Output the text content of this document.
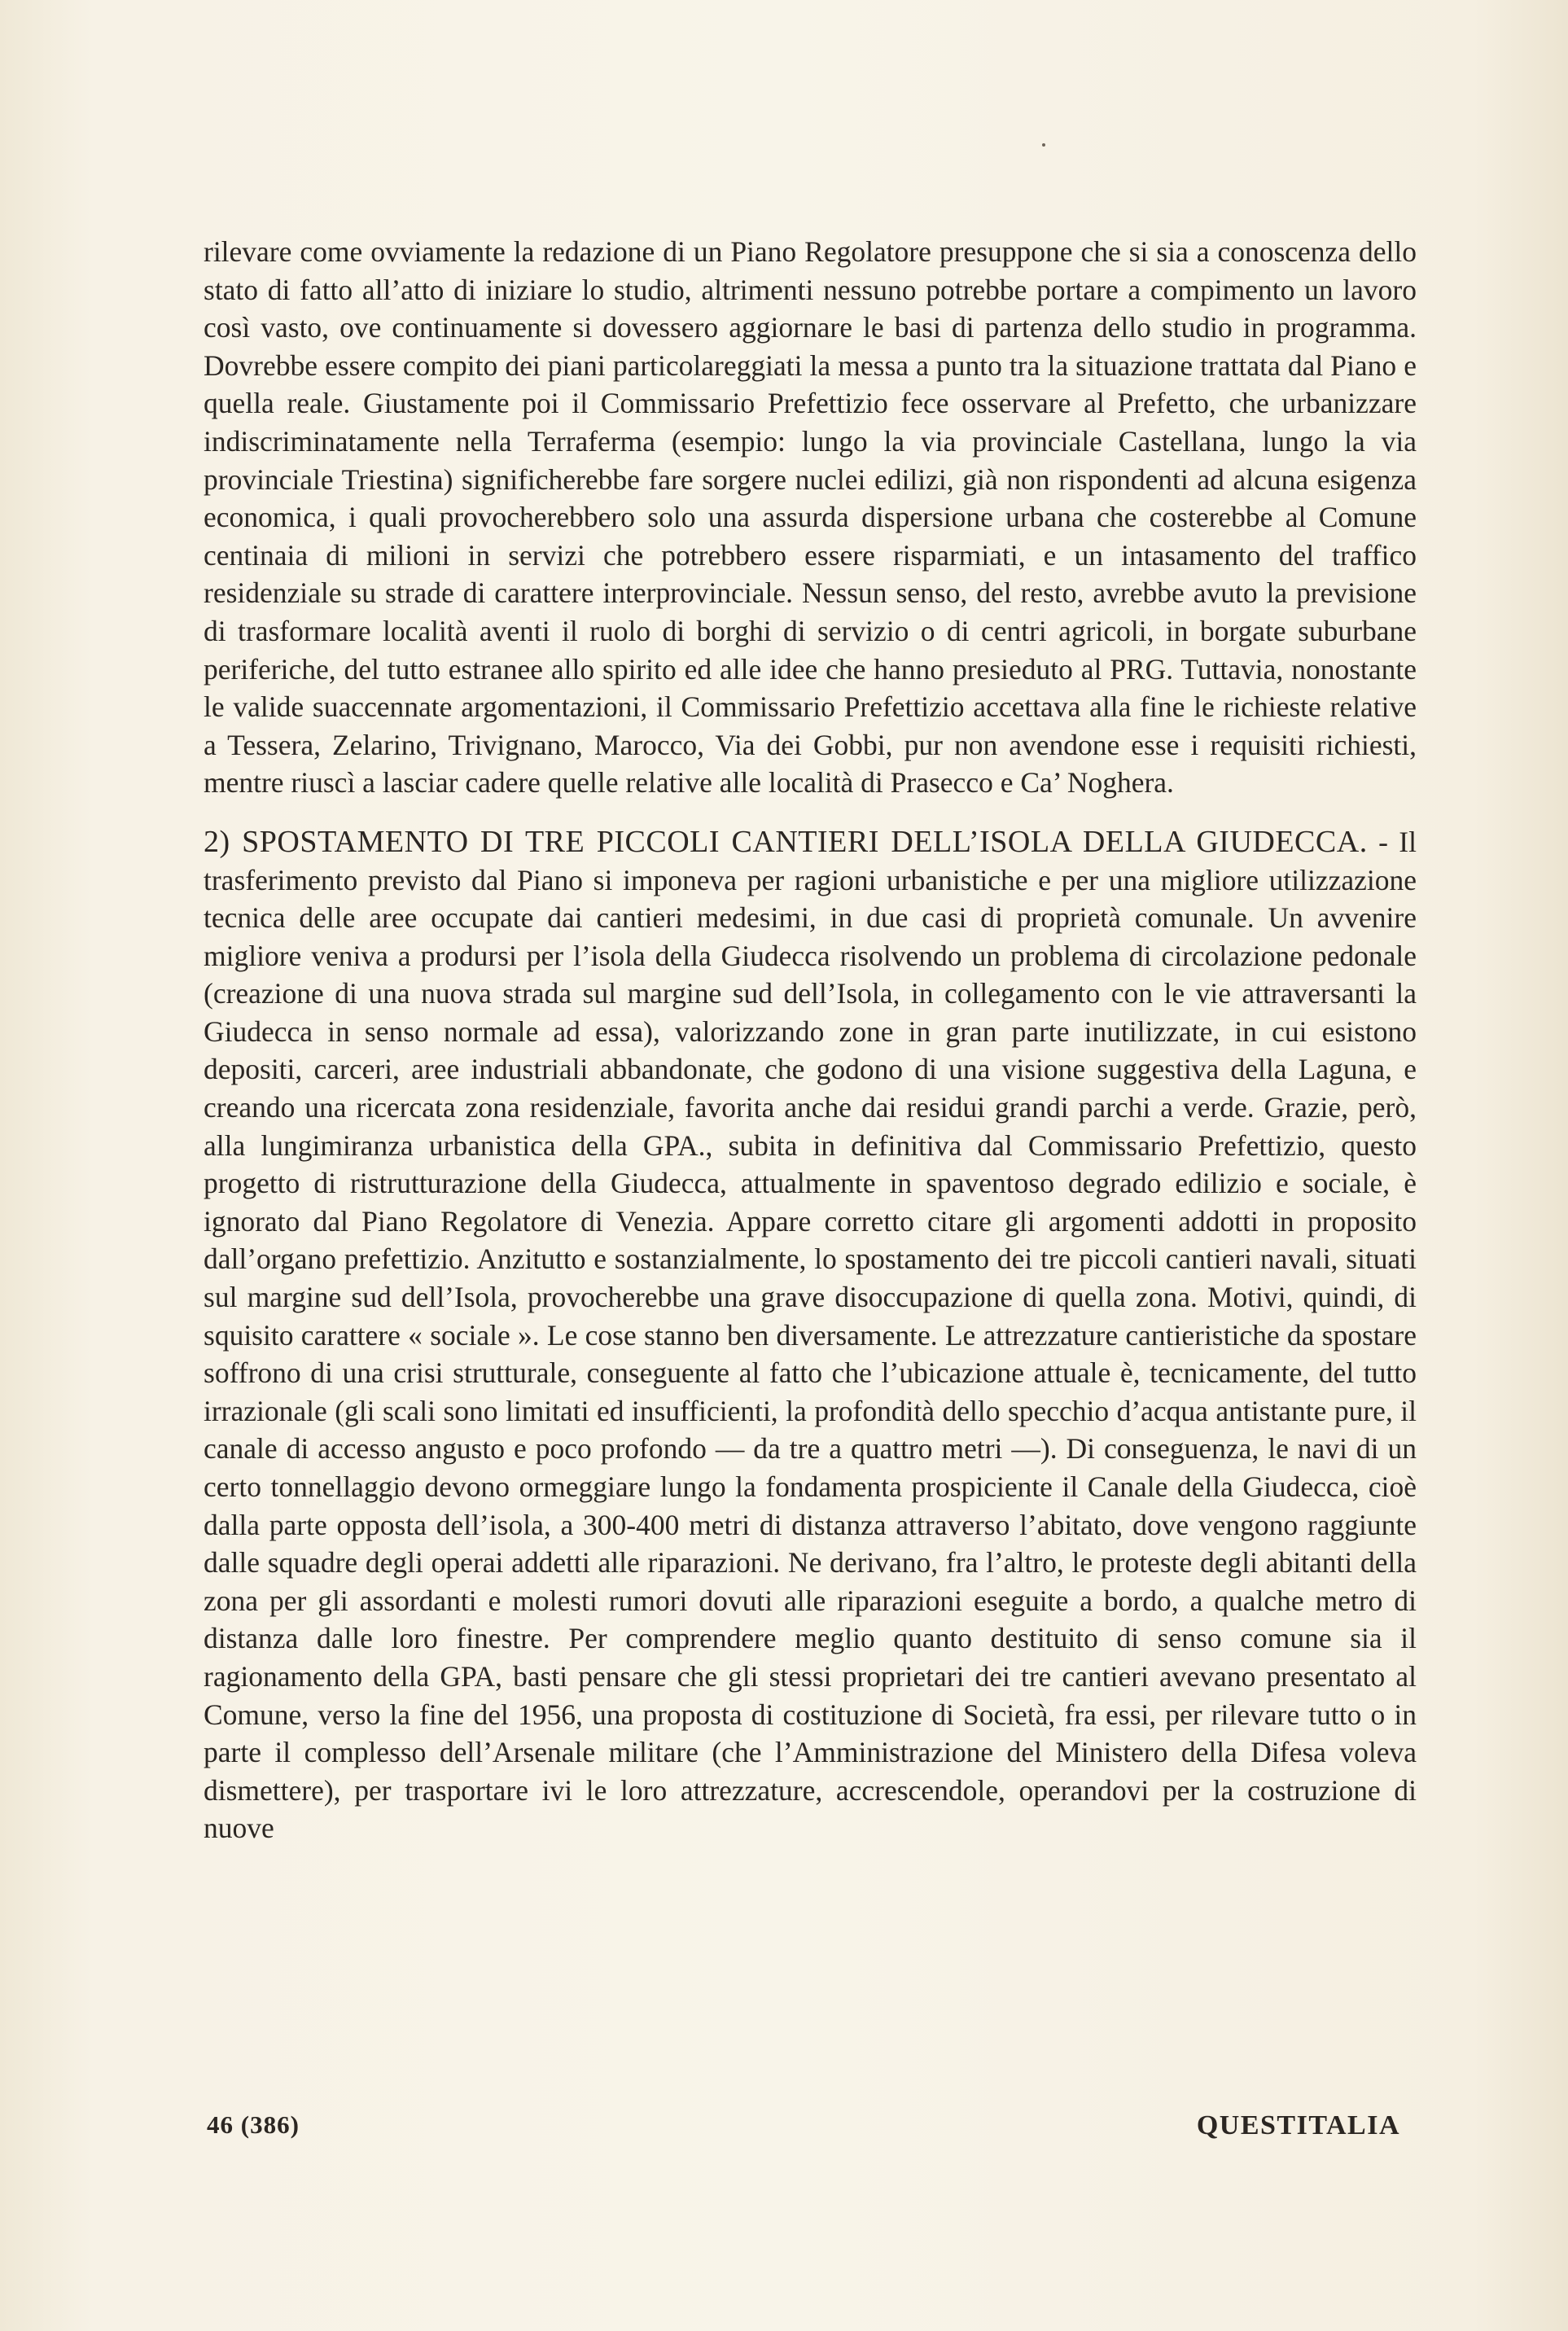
rilevare come ovviamente la redazione di un Piano Regolatore presuppone che si sia a conoscenza dello stato di fatto all’atto di iniziare lo studio, altrimenti nessuno potrebbe portare a compimento un lavoro così vasto, ove continuamente si dovessero aggiornare le basi di partenza dello studio in programma. Dovrebbe essere compito dei piani particolareggiati la messa a punto tra la situazione trattata dal Piano e quella reale. Giustamente poi il Commissario Prefettizio fece osservare al Prefetto, che urbanizzare indiscriminatamente nella Terraferma (esempio: lungo la via provinciale Castellana, lungo la via provinciale Triestina) significherebbe fare sorgere nuclei edilizi, già non rispondenti ad alcuna esigenza economica, i quali provocherebbero solo una assurda dispersione urbana che costerebbe al Comune centinaia di milioni in servizi che potrebbero essere risparmiati, e un intasamento del traffico residenziale su strade di carattere interprovinciale. Nessun senso, del resto, avrebbe avuto la previsione di trasformare località aventi il ruolo di borghi di servizio o di centri agricoli, in borgate suburbane periferiche, del tutto estranee allo spirito ed alle idee che hanno presieduto al PRG. Tuttavia, nonostante le valide suaccennate argomentazioni, il Commissario Prefettizio accettava alla fine le richieste relative a Tessera, Zelarino, Trivignano, Marocco, Via dei Gobbi, pur non avendone esse i requisiti richiesti, mentre riuscì a lasciar cadere quelle relative alle località di Prasecco e Ca’ Noghera.

2) SPOSTAMENTO DI TRE PICCOLI CANTIERI DELL’ISOLA DELLA GIUDECCA. - Il trasferimento previsto dal Piano si imponeva per ragioni urbanistiche e per una migliore utilizzazione tecnica delle aree occupate dai cantieri medesimi, in due casi di proprietà comunale. Un avvenire migliore veniva a prodursi per l’isola della Giudecca risolvendo un problema di circolazione pedonale (creazione di una nuova strada sul margine sud dell’Isola, in collegamento con le vie attraversanti la Giudecca in senso normale ad essa), valorizzando zone in gran parte inutilizzate, in cui esistono depositi, carceri, aree industriali abbandonate, che godono di una visione suggestiva della Laguna, e creando una ricercata zona residenziale, favorita anche dai residui grandi parchi a verde. Grazie, però, alla lungimiranza urbanistica della GPA., subita in definitiva dal Commissario Prefettizio, questo progetto di ristrutturazione della Giudecca, attualmente in spaventoso degrado edilizio e sociale, è ignorato dal Piano Regolatore di Venezia. Appare corretto citare gli argomenti addotti in proposito dall’organo prefettizio. Anzitutto e sostanzialmente, lo spostamento dei tre piccoli cantieri navali, situati sul margine sud dell’Isola, provocherebbe una grave disoccupazione di quella zona. Motivi, quindi, di squisito carattere « sociale ». Le cose stanno ben diversamente. Le attrezzature cantieristiche da spostare soffrono di una crisi strutturale, conseguente al fatto che l’ubicazione attuale è, tecnicamente, del tutto irrazionale (gli scali sono limitati ed insufficienti, la profondità dello specchio d’acqua antistante pure, il canale di accesso angusto e poco profondo — da tre a quattro metri —). Di conseguenza, le navi di un certo tonnellaggio devono ormeggiare lungo la fondamenta prospiciente il Canale della Giudecca, cioè dalla parte opposta dell’isola, a 300-400 metri di distanza attraverso l’abitato, dove vengono raggiunte dalle squadre degli operai addetti alle riparazioni. Ne derivano, fra l’altro, le proteste degli abitanti della zona per gli assordanti e molesti rumori dovuti alle riparazioni eseguite a bordo, a qualche metro di distanza dalle loro finestre. Per comprendere meglio quanto destituito di senso comune sia il ragionamento della GPA, basti pensare che gli stessi proprietari dei tre cantieri avevano presentato al Comune, verso la fine del 1956, una proposta di costituzione di Società, fra essi, per rilevare tutto o in parte il complesso dell’Arsenale militare (che l’Amministrazione del Ministero della Difesa voleva dismettere), per trasportare ivi le loro attrezzature, accrescendole, operandovi per la costruzione di nuove

46 (386)	QUESTITALIA
